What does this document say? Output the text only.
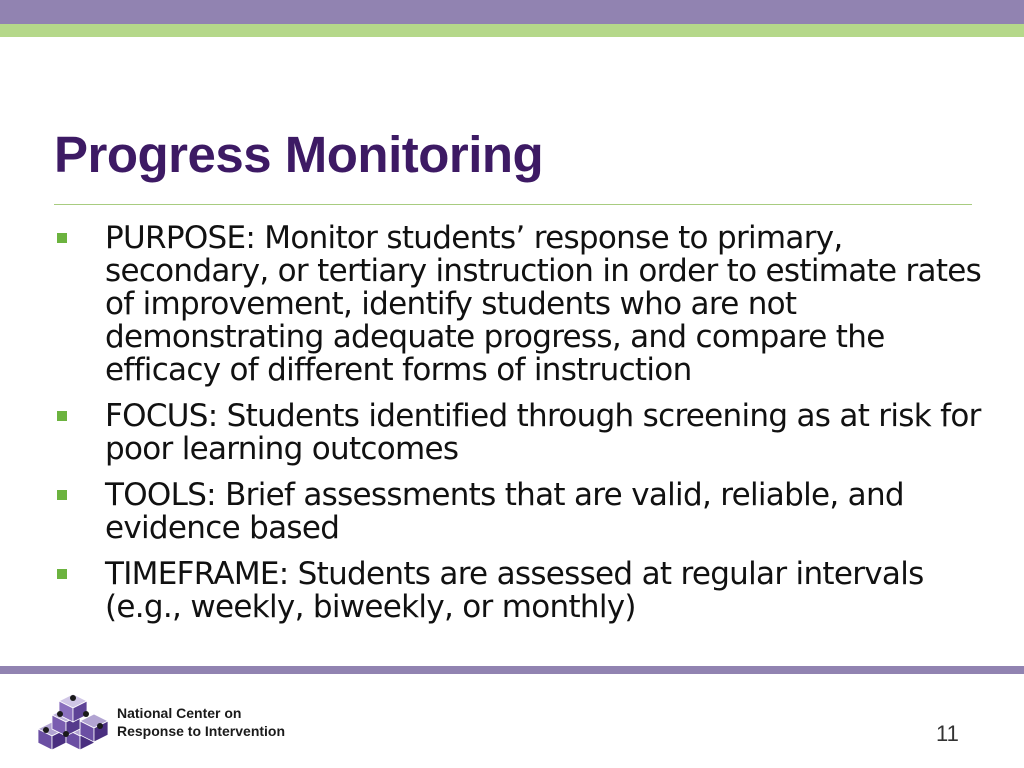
Progress Monitoring
PURPOSE: Monitor students’ response to primary, secondary, or tertiary instruction in order to estimate rates of improvement, identify students who are not demonstrating adequate progress, and compare the efficacy of different forms of instruction
FOCUS: Students identified through screening as at risk for poor learning outcomes
TOOLS: Brief assessments that are valid, reliable, and evidence based
TIMEFRAME: Students are assessed at regular intervals (e.g., weekly, biweekly, or monthly)
National Center on
Response to Intervention	11
